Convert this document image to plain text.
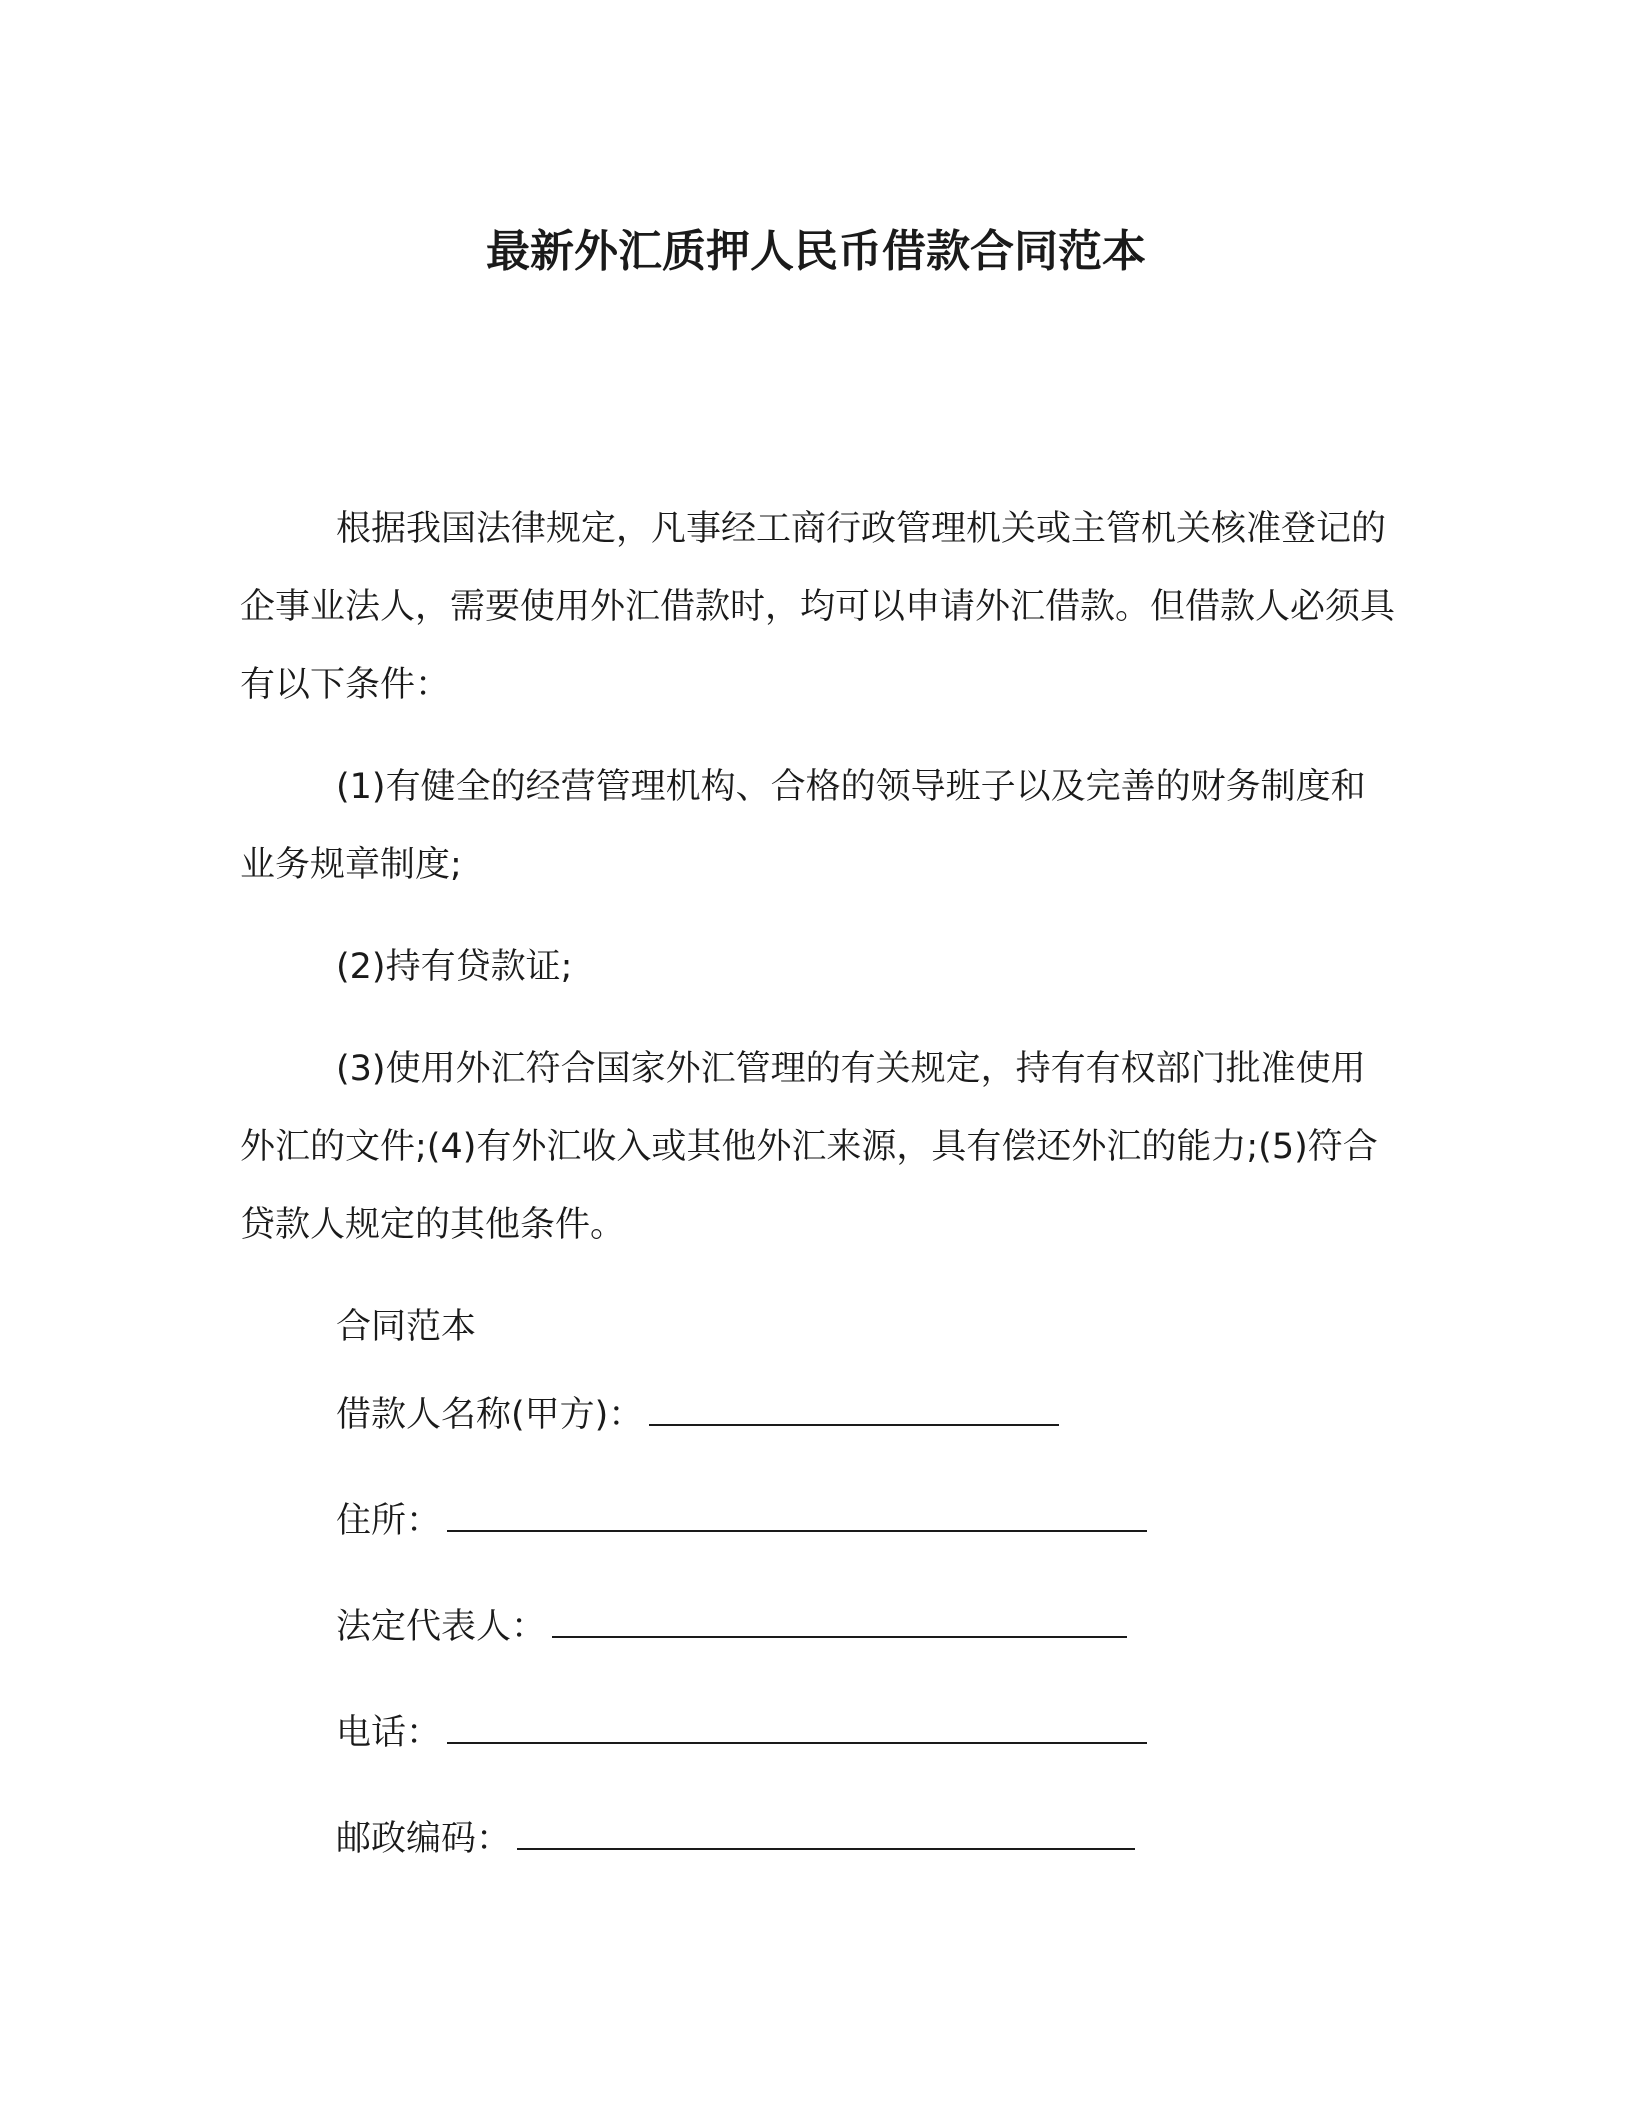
最新外汇质押人民币借款合同范本

根据我国法律规定，凡事经工商行政管理机关或主管机关核准登记的企事业法人，需要使用外汇借款时，均可以申请外汇借款。但借款人必须具有以下条件：

(1)有健全的经营管理机构、合格的领导班子以及完善的财务制度和业务规章制度;

(2)持有贷款证;

(3)使用外汇符合国家外汇管理的有关规定，持有有权部门批准使用外汇的文件;(4)有外汇收入或其他外汇来源，具有偿还外汇的能力;(5)符合贷款人规定的其他条件。

合同范本

借款人名称(甲方)：
住所：
法定代表人：
电话：
邮政编码：
